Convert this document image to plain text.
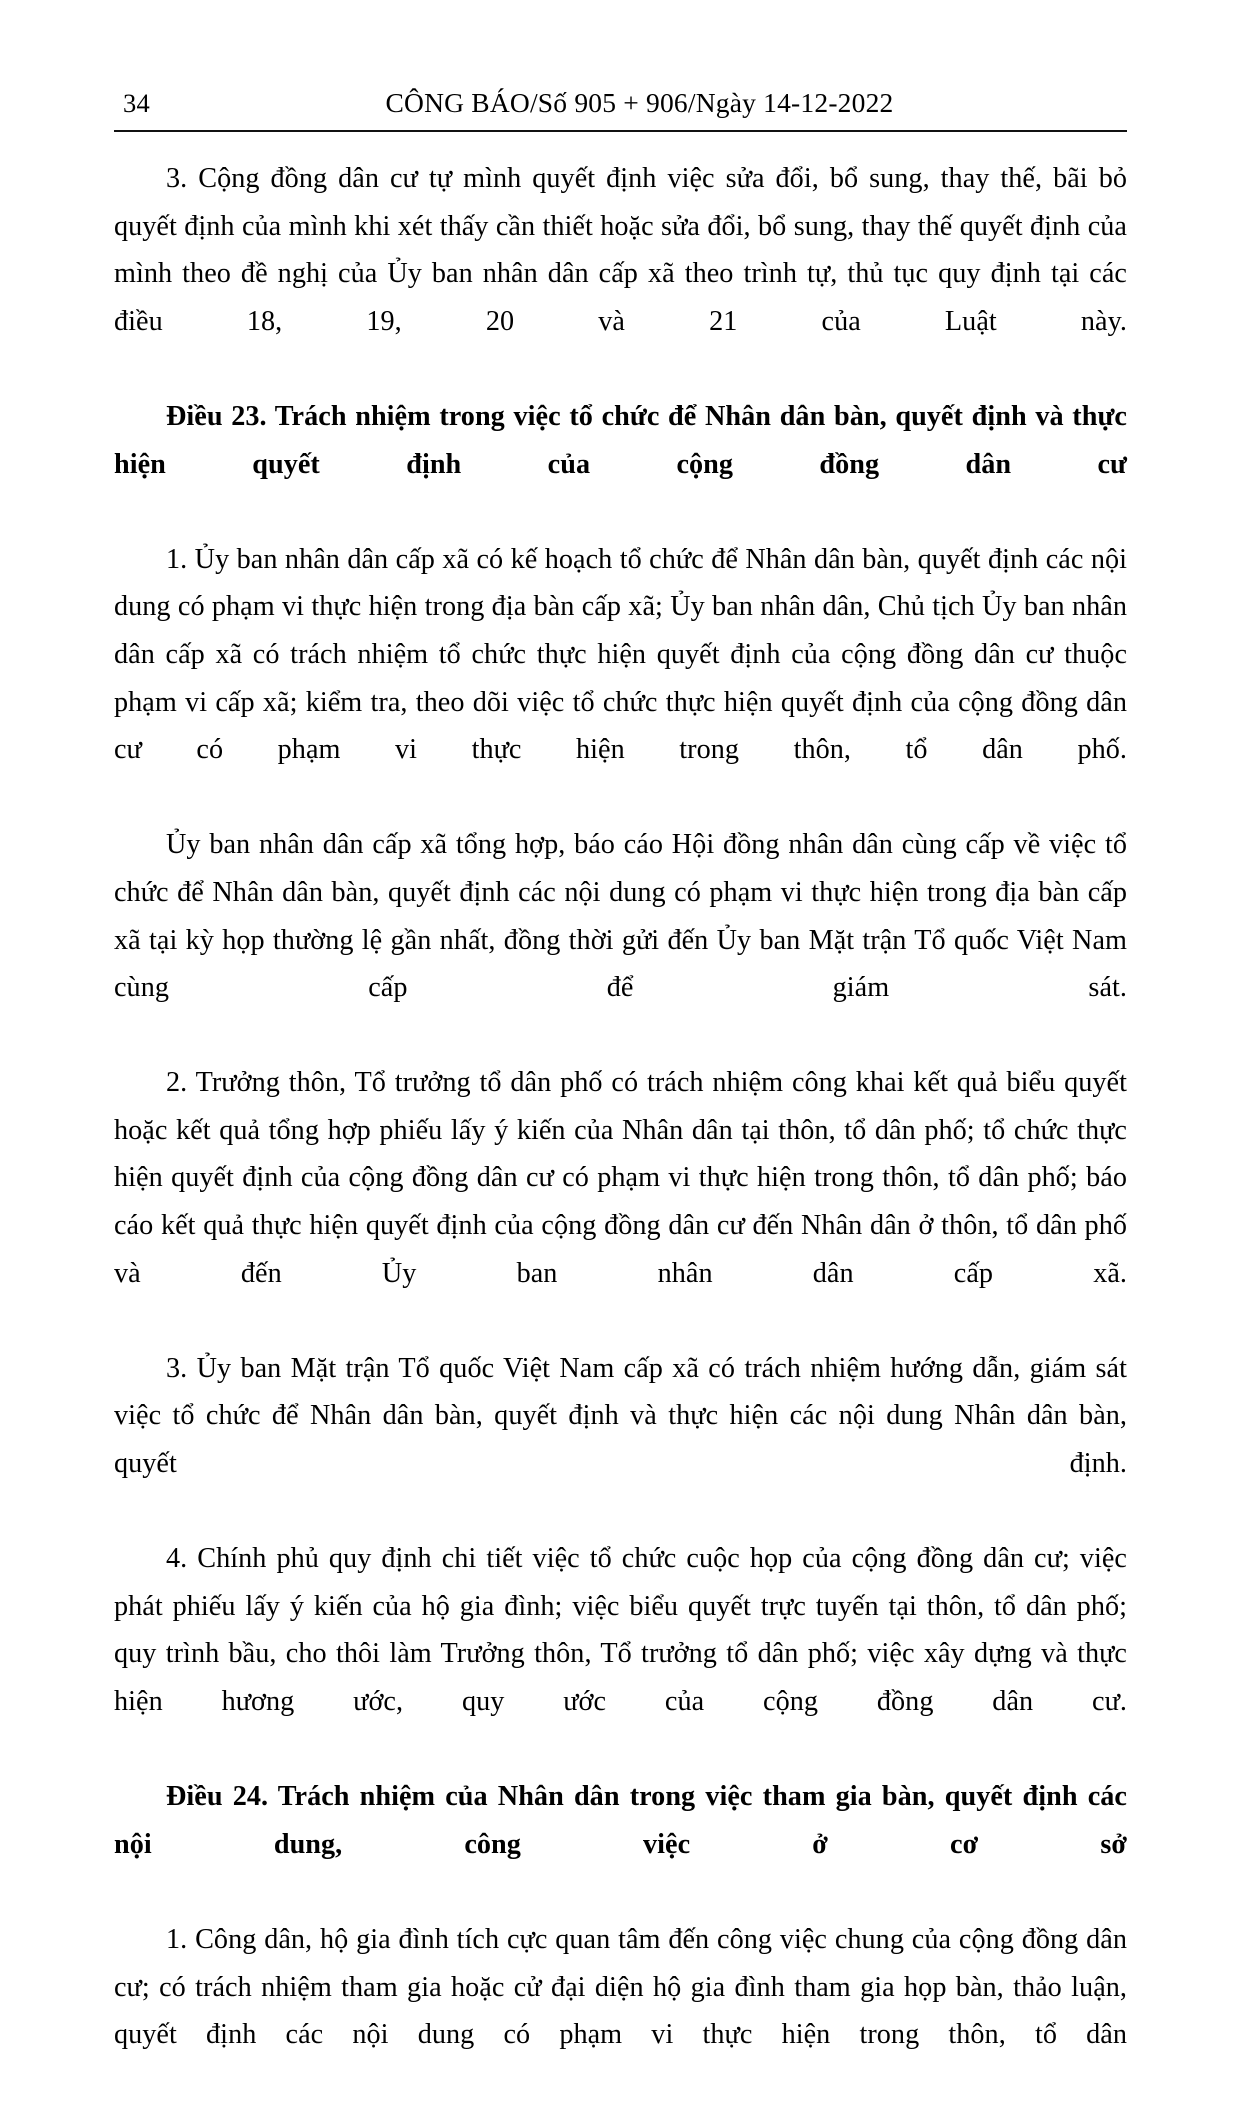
34	CÔNG BÁO/Số 905 + 906/Ngày 14-12-2022

3. Cộng đồng dân cư tự mình quyết định việc sửa đổi, bổ sung, thay thế, bãi bỏ quyết định của mình khi xét thấy cần thiết hoặc sửa đổi, bổ sung, thay thế quyết định của mình theo đề nghị của Ủy ban nhân dân cấp xã theo trình tự, thủ tục quy định tại các điều 18, 19, 20 và 21 của Luật này.

Điều 23. Trách nhiệm trong việc tổ chức để Nhân dân bàn, quyết định và thực hiện quyết định của cộng đồng dân cư

1. Ủy ban nhân dân cấp xã có kế hoạch tổ chức để Nhân dân bàn, quyết định các nội dung có phạm vi thực hiện trong địa bàn cấp xã; Ủy ban nhân dân, Chủ tịch Ủy ban nhân dân cấp xã có trách nhiệm tổ chức thực hiện quyết định của cộng đồng dân cư thuộc phạm vi cấp xã; kiểm tra, theo dõi việc tổ chức thực hiện quyết định của cộng đồng dân cư có phạm vi thực hiện trong thôn, tổ dân phố.

Ủy ban nhân dân cấp xã tổng hợp, báo cáo Hội đồng nhân dân cùng cấp về việc tổ chức để Nhân dân bàn, quyết định các nội dung có phạm vi thực hiện trong địa bàn cấp xã tại kỳ họp thường lệ gần nhất, đồng thời gửi đến Ủy ban Mặt trận Tổ quốc Việt Nam cùng cấp để giám sát.

2. Trưởng thôn, Tổ trưởng tổ dân phố có trách nhiệm công khai kết quả biểu quyết hoặc kết quả tổng hợp phiếu lấy ý kiến của Nhân dân tại thôn, tổ dân phố; tổ chức thực hiện quyết định của cộng đồng dân cư có phạm vi thực hiện trong thôn, tổ dân phố; báo cáo kết quả thực hiện quyết định của cộng đồng dân cư đến Nhân dân ở thôn, tổ dân phố và đến Ủy ban nhân dân cấp xã.

3. Ủy ban Mặt trận Tổ quốc Việt Nam cấp xã có trách nhiệm hướng dẫn, giám sát việc tổ chức để Nhân dân bàn, quyết định và thực hiện các nội dung Nhân dân bàn, quyết định.

4. Chính phủ quy định chi tiết việc tổ chức cuộc họp của cộng đồng dân cư; việc phát phiếu lấy ý kiến của hộ gia đình; việc biểu quyết trực tuyến tại thôn, tổ dân phố; quy trình bầu, cho thôi làm Trưởng thôn, Tổ trưởng tổ dân phố; việc xây dựng và thực hiện hương ước, quy ước của cộng đồng dân cư.

Điều 24. Trách nhiệm của Nhân dân trong việc tham gia bàn, quyết định các nội dung, công việc ở cơ sở

1. Công dân, hộ gia đình tích cực quan tâm đến công việc chung của cộng đồng dân cư; có trách nhiệm tham gia hoặc cử đại diện hộ gia đình tham gia họp bàn, thảo luận, quyết định các nội dung có phạm vi thực hiện trong thôn, tổ dân
